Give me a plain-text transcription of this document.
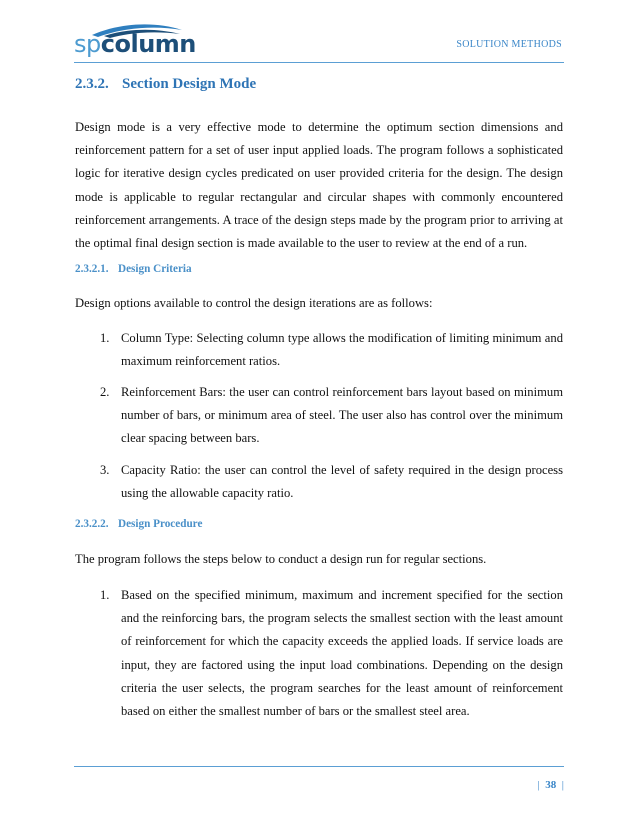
spcolumn	SOLUTION METHODS
2.3.2. Section Design Mode
Design mode is a very effective mode to determine the optimum section dimensions and reinforcement pattern for a set of user input applied loads. The program follows a sophisticated logic for iterative design cycles predicated on user provided criteria for the design. The design mode is applicable to regular rectangular and circular shapes with commonly encountered reinforcement arrangements. A trace of the design steps made by the program prior to arriving at the optimal final design section is made available to the user to review at the end of a run.
2.3.2.1. Design Criteria
Design options available to control the design iterations are as follows:
1. Column Type: Selecting column type allows the modification of limiting minimum and maximum reinforcement ratios.
2. Reinforcement Bars: the user can control reinforcement bars layout based on minimum number of bars, or minimum area of steel. The user also has control over the minimum clear spacing between bars.
3. Capacity Ratio: the user can control the level of safety required in the design process using the allowable capacity ratio.
2.3.2.2. Design Procedure
The program follows the steps below to conduct a design run for regular sections.
1. Based on the specified minimum, maximum and increment specified for the section and the reinforcing bars, the program selects the smallest section with the least amount of reinforcement for which the capacity exceeds the applied loads. If service loads are input, they are factored using the input load combinations. Depending on the design criteria the user selects, the program searches for the least amount of reinforcement based on either the smallest number of bars or the smallest steel area.
| 38 |
